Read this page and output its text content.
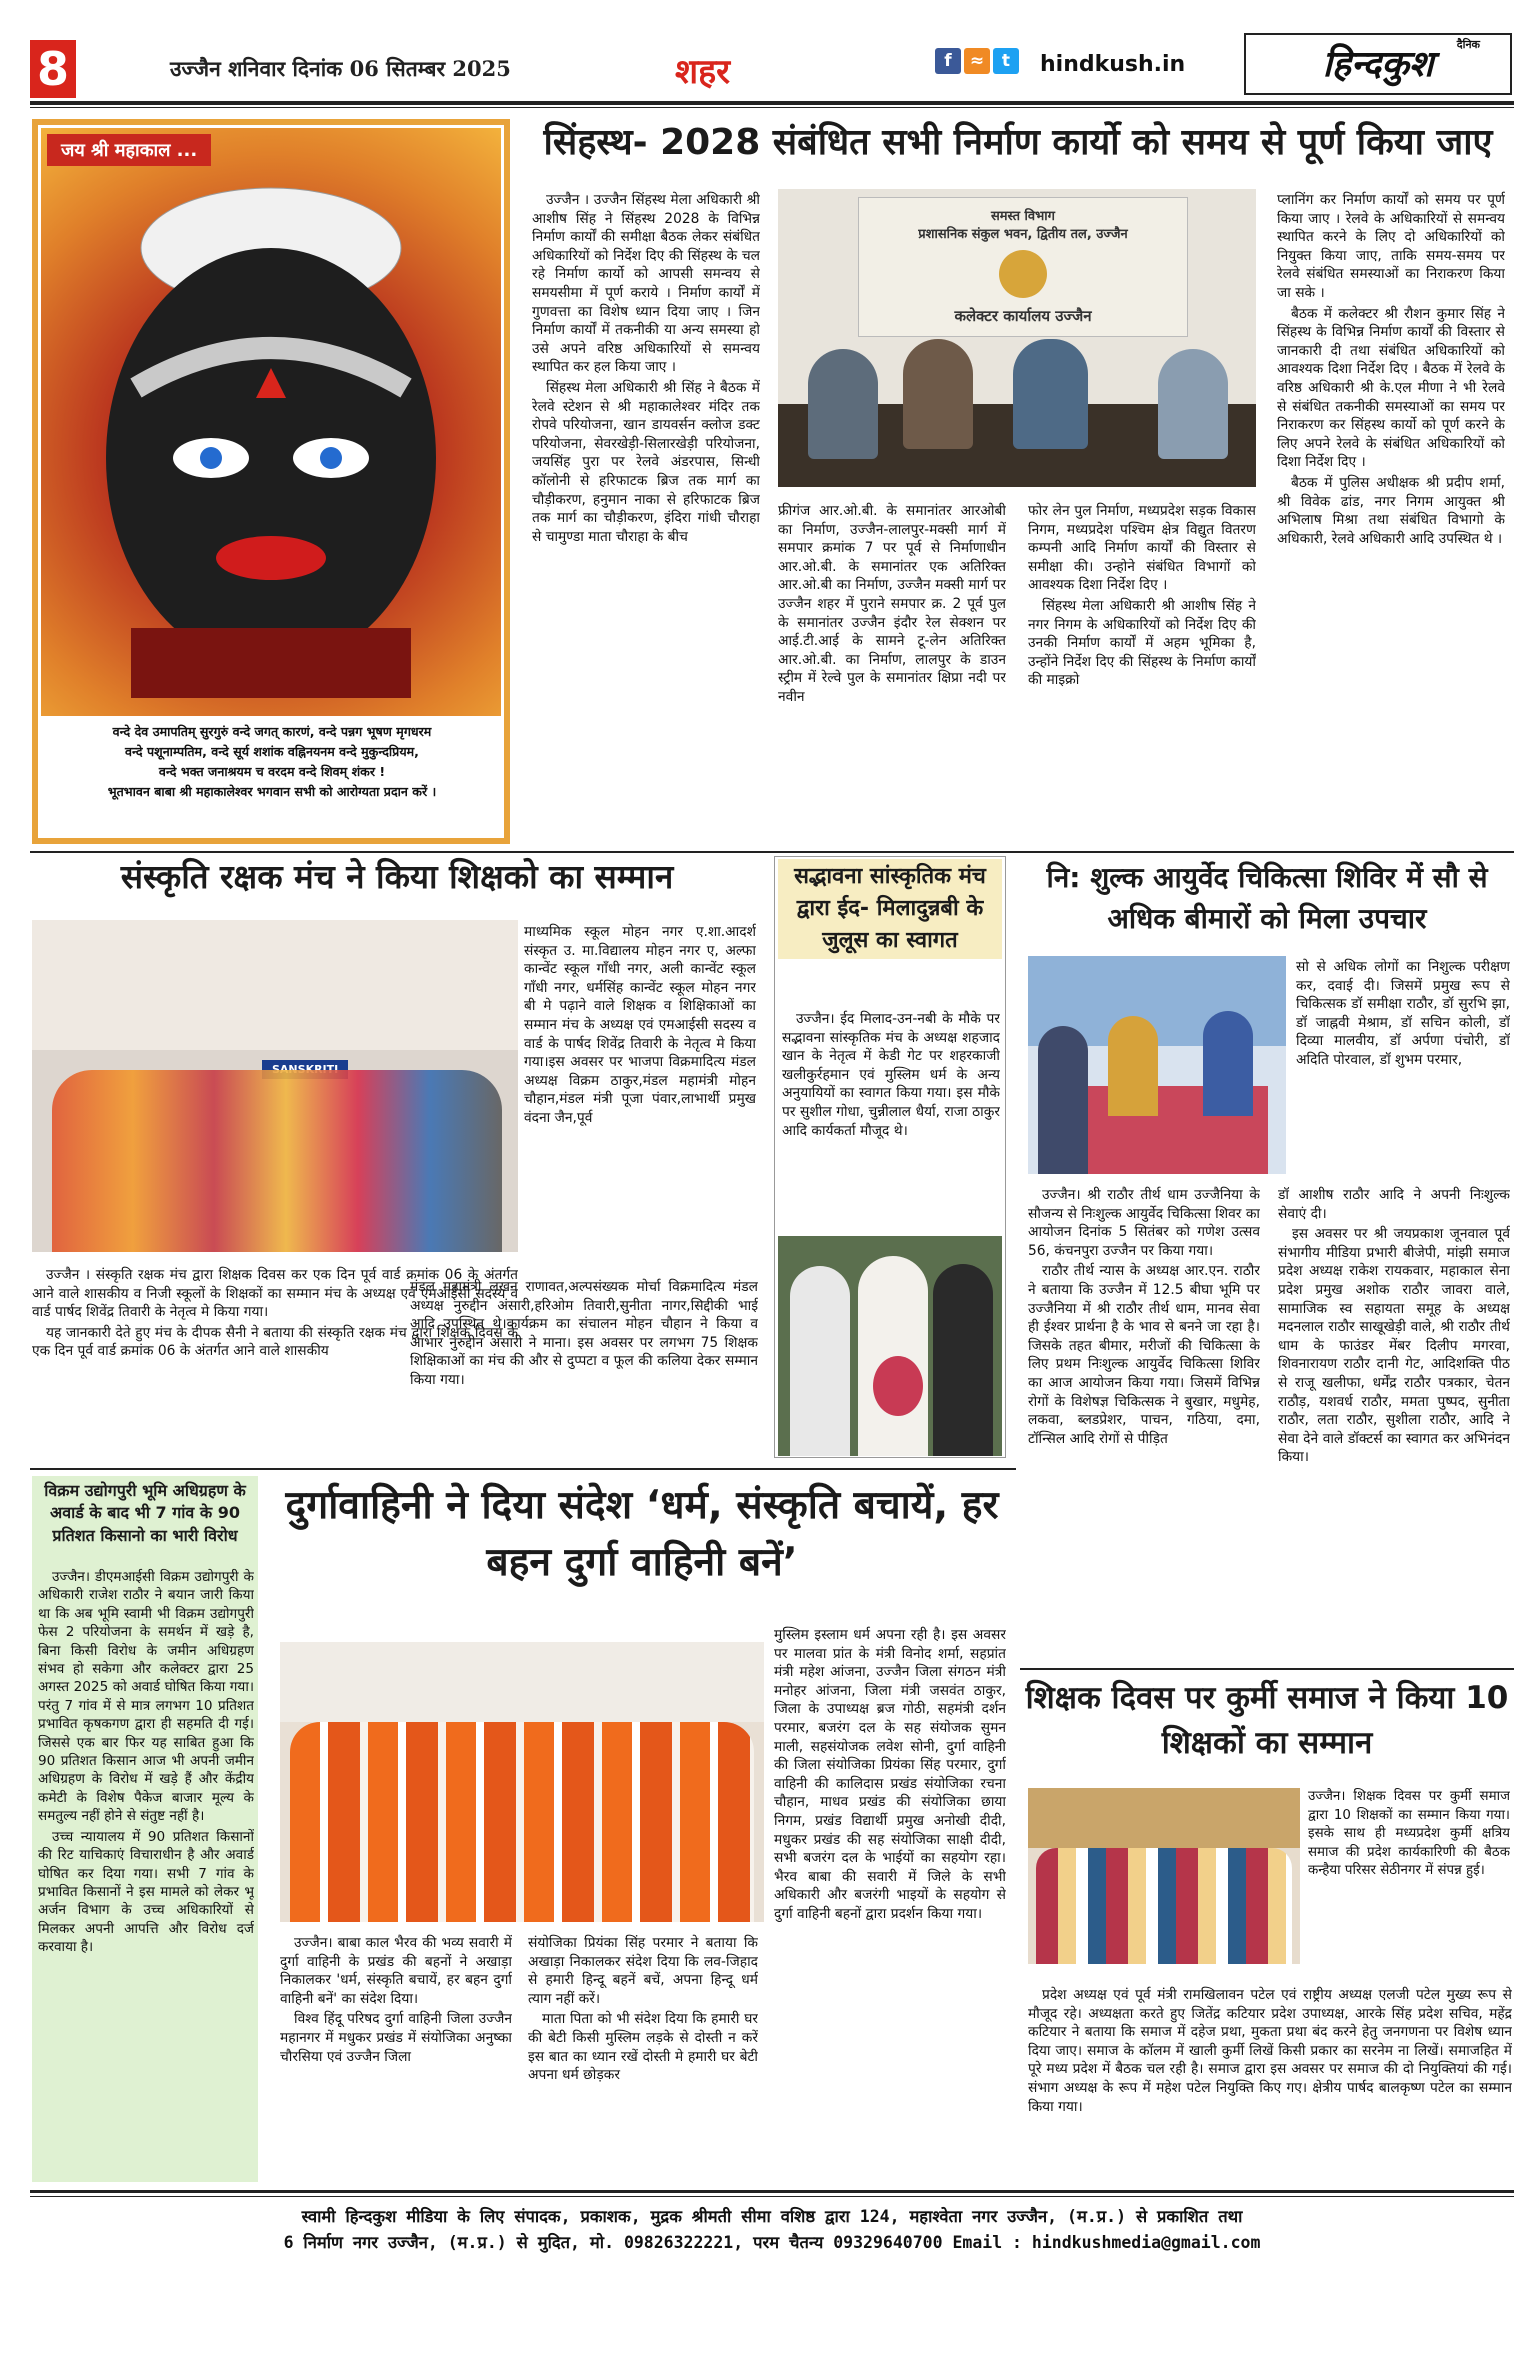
8	उज्जैन शनिवार दिनांक 06 सितम्बर 2025	शहर	f ≈ t	hindkush.in
दैनिक
हिन्दकुश
जय श्री महाकाल ...
वन्दे देव उमापतिम् सुरगुरुं वन्दे जगत् कारणं, वन्दे पन्नग भूषण मृगधरम
वन्दे पशूनाम्पतिम, वन्दे सूर्य शशांक वह्निनयनम वन्दे मुकुन्दप्रियम,
वन्दे भक्त जनाश्रयम च वरदम वन्दे शिवम् शंकर !
भूतभावन बाबा श्री महाकालेश्वर भगवान सभी को आरोग्यता प्रदान करें ।
सिंहस्थ- 2028 संबंधित सभी निर्माण कार्यो को समय से पूर्ण किया जाए

उज्जैन । उज्जैन सिंहस्थ मेला अधिकारी श्री आशीष सिंह ने सिंहस्थ 2028 के विभिन्न निर्माण कार्यों की समीक्षा बैठक लेकर संबंधित अधिकारियों को निर्देश दिए की सिंहस्थ के चल रहे निर्माण कार्यो को आपसी समन्वय से समयसीमा में पूर्ण कराये । निर्माण कार्यों में गुणवत्ता का विशेष ध्यान दिया जाए । जिन निर्माण कार्यों में तकनीकी या अन्य समस्या हो उसे अपने वरिष्ठ अधिकारियों से समन्वय स्थापित कर हल किया जाए ।

सिंहस्थ मेला अधिकारी श्री सिंह ने बैठक में रेलवे स्टेशन से श्री महाकालेश्वर मंदिर तक रोपवे परियोजना, खान डायवर्सन क्लोज डक्ट परियोजना, सेवरखेड़ी-सिलारखेड़ी परियोजना, जयसिंह पुरा पर रेलवे अंडरपास, सिन्धी कॉलोनी से हरिफाटक ब्रिज तक मार्ग का चौड़ीकरण, हनुमान नाका से हरिफाटक ब्रिज तक मार्ग का चौड़ीकरण, इंदिरा गांधी चौराहा से चामुण्डा माता चौराहा के बीच

समस्त विभाग
प्रशासनिक संकुल भवन, द्वितीय तल, उज्जैन
कलेक्टर कार्यालय उज्जैन

फ्रीगंज आर.ओ.बी. के समानांतर आरओबी का निर्माण, उज्जैन-लालपुर-मक्सी मार्ग में समपार क्रमांक 7 पर पूर्व से निर्माणाधीन आर.ओ.बी. के समानांतर एक अतिरिक्त आर.ओ.बी का निर्माण, उज्जैन मक्सी मार्ग पर उज्जैन शहर में पुराने समपार क्र. 2 पूर्व पुल के समानांतर उज्जैन इंदौर रेल सेक्शन पर आई.टी.आई के सामने टू-लेन अतिरिक्त आर.ओ.बी. का निर्माण, लालपुर के डाउन स्ट्रीम में रेल्वे पुल के समानांतर क्षिप्रा नदी पर नवीन

फोर लेन पुल निर्माण, मध्यप्रदेश सड़क विकास निगम, मध्यप्रदेश पश्चिम क्षेत्र विद्युत वितरण कम्पनी आदि निर्माण कार्यों की विस्तार से समीक्षा की। उन्होने संबंधित विभागों को आवश्यक दिशा निर्देश दिए ।

सिंहस्थ मेला अधिकारी श्री आशीष सिंह ने नगर निगम के अधिकारियों को निर्देश दिए की उनकी निर्माण कार्यों में अहम भूमिका है, उन्होंने निर्देश दिए की सिंहस्थ के निर्माण कार्यों की माइक्रो

प्लानिंग कर निर्माण कार्यों को समय पर पूर्ण किया जाए । रेलवे के अधिकारियों से समन्वय स्थापित करने के लिए दो अधिकारियों को नियुक्त किया जाए, ताकि समय-समय पर रेलवे संबंधित समस्याओं का निराकरण किया जा सके ।

बैठक में कलेक्टर श्री रौशन कुमार सिंह ने सिंहस्थ के विभिन्न निर्माण कार्यों की विस्तार से जानकारी दी तथा संबंधित अधिकारियों को आवश्यक दिशा निर्देश दिए । बैठक में रेलवे के वरिष्ठ अधिकारी श्री के.एल मीणा ने भी रेलवे से संबंधित तकनीकी समस्याओं का समय पर निराकरण कर सिंहस्थ कार्यो को पूर्ण करने के लिए अपने रेलवे के संबंधित अधिकारियों को दिशा निर्देश दिए ।

बैठक में पुलिस अधीक्षक श्री प्रदीप शर्मा, श्री विवेक ढांड, नगर निगम आयुक्त श्री अभिलाष मिश्रा तथा संबंधित विभागो के अधिकारी, रेलवे अधिकारी आदि उपस्थित थे ।

संस्कृति रक्षक मंच ने किया शिक्षको का सम्मान

उज्जैन । संस्कृति रक्षक मंच द्वारा शिक्षक दिवस कर एक दिन पूर्व वार्ड क्रमांक 06 के अंतर्गत आने वाले शासकीय व निजी स्कूलों के शिक्षकों का सम्मान मंच के अध्यक्ष एवं एमआईसी सदस्य व वार्ड पार्षद शिवेंद्र तिवारी के नेतृत्व मे किया गया।

यह जानकारी देते हुए मंच के दीपक सैनी ने बताया की संस्कृति रक्षक मंच द्वारा शिक्षक दिवस के एक दिन पूर्व वार्ड क्रमांक 06 के अंतर्गत आने वाले शासकीय

माध्यमिक स्कूल मोहन नगर ए.शा.आदर्श संस्कृत उ. मा.विद्यालय मोहन नगर ए, अल्फा कान्वेंट स्कूल गाँधी नगर, अली कान्वेंट स्कूल गाँधी नगर, धर्मसिंह कान्वेंट स्कूल मोहन नगर बी मे पढ़ाने वाले शिक्षक व शिक्षिकाओं का सम्मान मंच के अध्यक्ष एवं एमआईसी सदस्य व वार्ड के पार्षद शिवेंद्र तिवारी के नेतृत्व मे किया गया।इस अवसर पर भाजपा विक्रमादित्य मंडल अध्यक्ष विक्रम ठाकुर,मंडल महामंत्री मोहन चौहान,मंडल मंत्री पूजा पंवार,लाभार्थी प्रमुख वंदना जैन,पूर्व

मंडल महामंत्री लखन राणावत,अल्पसंख्यक मोर्चा विक्रमादित्य मंडल अध्यक्ष नुरुद्दीन अंसारी,हरिओम तिवारी,सुनीता नागर,सिद्दीकी भाई आदि उपस्थित थे।कार्यक्रम का संचालन मोहन चौहान ने किया व आभार नुरुद्दीन अंसारी ने माना। इस अवसर पर लगभग 75 शिक्षक शिक्षिकाओं का मंच की और से दुप्पटा व फूल की कलिया देकर सम्मान किया गया।

सद्भावना सांस्कृतिक मंच द्वारा ईद- मिलादुन्नबी के जुलूस का स्वागत

उज्जैन। ईद मिलाद-उन-नबी के मौके पर सद्भावना सांस्कृतिक मंच के अध्यक्ष शहजाद खान के नेतृत्व में केडी गेट पर शहरकाजी खलीकुर्रहमान एवं मुस्लिम धर्म के अन्य अनुयायियों का स्वागत किया गया। इस मौके पर सुशील गोधा, चुन्नीलाल धैर्या, राजा ठाकुर आदि कार्यकर्ता मौजूद थे।

नि: शुल्क आयुर्वेद चिकित्सा शिविर में सौ से अधिक बीमारों को मिला उपचार

सो से अधिक लोगों का निशुल्क परीक्षण कर, दवाई दी। जिसमें प्रमुख रूप से चिकित्सक डॉ समीक्षा राठौर, डॉ सुरभि झा, डॉ जाह्नवी मेश्राम, डॉ सचिन कोली, डॉ दिव्या मालवीय, डॉ अर्पणा पंचोरी, डॉ अदिति पोरवाल, डॉ शुभम परमार,

उज्जैन। श्री राठौर तीर्थ धाम उज्जैनिया के सौजन्य से निःशुल्क आयुर्वेद चिकित्सा शिवर का आयोजन दिनांक 5 सितंबर को गणेश उत्सव 56, कंचनपुरा उज्जैन पर किया गया।

राठौर तीर्थ न्यास के अध्यक्ष आर.एन. राठौर ने बताया कि उज्जैन में 12.5 बीघा भूमि पर उज्जैनिया में श्री राठौर तीर्थ धाम, मानव सेवा ही ईश्वर प्रार्थना है के भाव से बनने जा रहा है। जिसके तहत बीमार, मरीजों की चिकित्सा के लिए प्रथम निःशुल्क आयुर्वेद चिकित्सा शिविर का आज आयोजन किया गया। जिसमें विभिन्न रोगों के विशेषज्ञ चिकित्सक ने बुखार, मधुमेह, लकवा, ब्लडप्रेशर, पाचन, गठिया, दमा, टॉन्सिल आदि रोगों से पीड़ित

डॉ आशीष राठौर आदि ने अपनी निःशुल्क सेवाएं दी।

इस अवसर पर श्री जयप्रकाश जूनवाल पूर्व संभागीय मीडिया प्रभारी बीजेपी, मांझी समाज प्रदेश अध्यक्ष राकेश रायकवार, महाकाल सेना प्रदेश प्रमुख अशोक राठौर जावरा वाले, सामाजिक स्व सहायता समूह के अध्यक्ष मदनलाल राठौर साखूखेड़ी वाले, श्री राठौर तीर्थ धाम के फाउंडर मेंबर दिलीप मगरवा, शिवनारायण राठौर दानी गेट, आदिशक्ति पीठ से राजू खलीफा, धर्मेंद्र राठौर पत्रकार, चेतन राठौड़, यशवर्ध राठौर, ममता पुष्पद, सुनीता राठौर, लता राठौर, सुशीला राठौर, आदि ने सेवा देने वाले डॉक्टर्स का स्वागत कर अभिनंदन किया।

विक्रम उद्योगपुरी भूमि अधिग्रहण के अवार्ड के बाद भी 7 गांव के 90 प्रतिशत किसानो का भारी विरोध

उज्जैन। डीएमआईसी विक्रम उद्योगपुरी के अधिकारी राजेश राठौर ने बयान जारी किया था कि अब भूमि स्वामी भी विक्रम उद्योगपुरी फेस 2 परियोजना के समर्थन में खड़े है, बिना किसी विरोध के जमीन अधिग्रहण संभव हो सकेगा और कलेक्टर द्वारा 25 अगस्त 2025 को अवार्ड घोषित किया गया। परंतु 7 गांव में से मात्र लगभग 10 प्रतिशत प्रभावित कृषकगण द्वारा ही सहमति दी गई। जिससे एक बार फिर यह साबित हुआ कि 90 प्रतिशत किसान आज भी अपनी जमीन अधिग्रहण के विरोध में खड़े हैं और केंद्रीय कमेटी के विशेष पैकेज बाजार मूल्य के समतुल्य नहीं होने से संतुष्ट नहीं है।

उच्च न्यायालय में 90 प्रतिशत किसानों की रिट याचिकाएं विचाराधीन है और अवार्ड घोषित कर दिया गया। सभी 7 गांव के प्रभावित किसानों ने इस मामले को लेकर भू अर्जन विभाग के उच्च अधिकारियों से मिलकर अपनी आपत्ति और विरोध दर्ज करवाया है।

दुर्गावाहिनी ने दिया संदेश ‘धर्म, संस्कृति बचायें, हर बहन दुर्गा वाहिनी बनें’

उज्जैन। बाबा काल भैरव की भव्य सवारी में दुर्गा वाहिनी के प्रखंड की बहनों ने अखाड़ा निकालकर 'धर्म, संस्कृति बचायें, हर बहन दुर्गा वाहिनी बनें' का संदेश दिया।

विश्व हिंदू परिषद दुर्गा वाहिनी जिला उज्जैन महानगर में मधुकर प्रखंड में संयोजिका अनुष्का चौरसिया एवं उज्जैन जिला

संयोजिका प्रियंका सिंह परमार ने बताया कि अखाड़ा निकालकर संदेश दिया कि लव-जिहाद से हमारी हिन्दू बहनें बचें, अपना हिन्दू धर्म त्याग नहीं करें।

माता पिता को भी संदेश दिया कि हमारी घर की बेटी किसी मुस्लिम लड़के से दोस्ती न करें इस बात का ध्यान रखें दोस्ती मे हमारी घर बेटी अपना धर्म छोड़कर

मुस्लिम इस्लाम धर्म अपना रही है। इस अवसर पर मालवा प्रांत के मंत्री विनोद शर्मा, सहप्रांत मंत्री महेश आंजना, उज्जैन जिला संगठन मंत्री मनोहर आंजना, जिला मंत्री जसवंत ठाकुर, जिला के उपाध्यक्ष ब्रज गोठी, सहमंत्री दर्शन परमार, बजरंग दल के सह संयोजक सुमन माली, सहसंयोजक लवेश सोनी, दुर्गा वाहिनी की जिला संयोजिका प्रियंका सिंह परमार, दुर्गा वाहिनी की कालिदास प्रखंड संयोजिका रचना चौहान, माधव प्रखंड की संयोजिका छाया निगम, प्रखंड विद्यार्थी प्रमुख अनोखी दीदी, मधुकर प्रखंड की सह संयोजिका साक्षी दीदी, सभी बजरंग दल के भाईयों का सहयोग रहा। भैरव बाबा की सवारी में जिले के सभी अधिकारी और बजरंगी भाइयों के सहयोग से दुर्गा वाहिनी बहनों द्वारा प्रदर्शन किया गया।

शिक्षक दिवस पर कुर्मी समाज ने किया 10 शिक्षकों का सम्मान

उज्जैन। शिक्षक दिवस पर कुर्मी समाज द्वारा 10 शिक्षकों का सम्मान किया गया। इसके साथ ही मध्यप्रदेश कुर्मी क्षत्रिय समाज की प्रदेश कार्यकारिणी की बैठक कन्हैया परिसर सेठीनगर में संपन्न हुई।

प्रदेश अध्यक्ष एवं पूर्व मंत्री रामखिलावन पटेल एवं राष्ट्रीय अध्यक्ष एलजी पटेल मुख्य रूप से मौजूद रहे। अध्यक्षता करते हुए जितेंद्र कटियार प्रदेश उपाध्यक्ष, आरके सिंह प्रदेश सचिव, महेंद्र कटियार ने बताया कि समाज में दहेज प्रथा, मुकता प्रथा बंद करने हेतु जनगणना पर विशेष ध्यान दिया जाए। समाज के कॉलम में खाली कुर्मी लिखें किसी प्रकार का सरनेम ना लिखें। समाजहित में पूरे मध्य प्रदेश में बैठक चल रही है। समाज द्वारा इस अवसर पर समाज की दो नियुक्तियां की गई। संभाग अध्यक्ष के रूप में महेश पटेल नियुक्ति किए गए। क्षेत्रीय पार्षद बालकृष्ण पटेल का सम्मान किया गया।

स्वामी हिन्दकुश मीडिया के लिए संपादक, प्रकाशक, मुद्रक श्रीमती सीमा वशिष्ठ द्वारा 124, महाश्वेता नगर उज्जैन, (म.प्र.) से प्रकाशित तथा
6 निर्माण नगर उज्जैन, (म.प्र.) से मुदित, मो. 09826322221, परम चैतन्य 09329640700 Email : hindkushmedia@gmail.com
